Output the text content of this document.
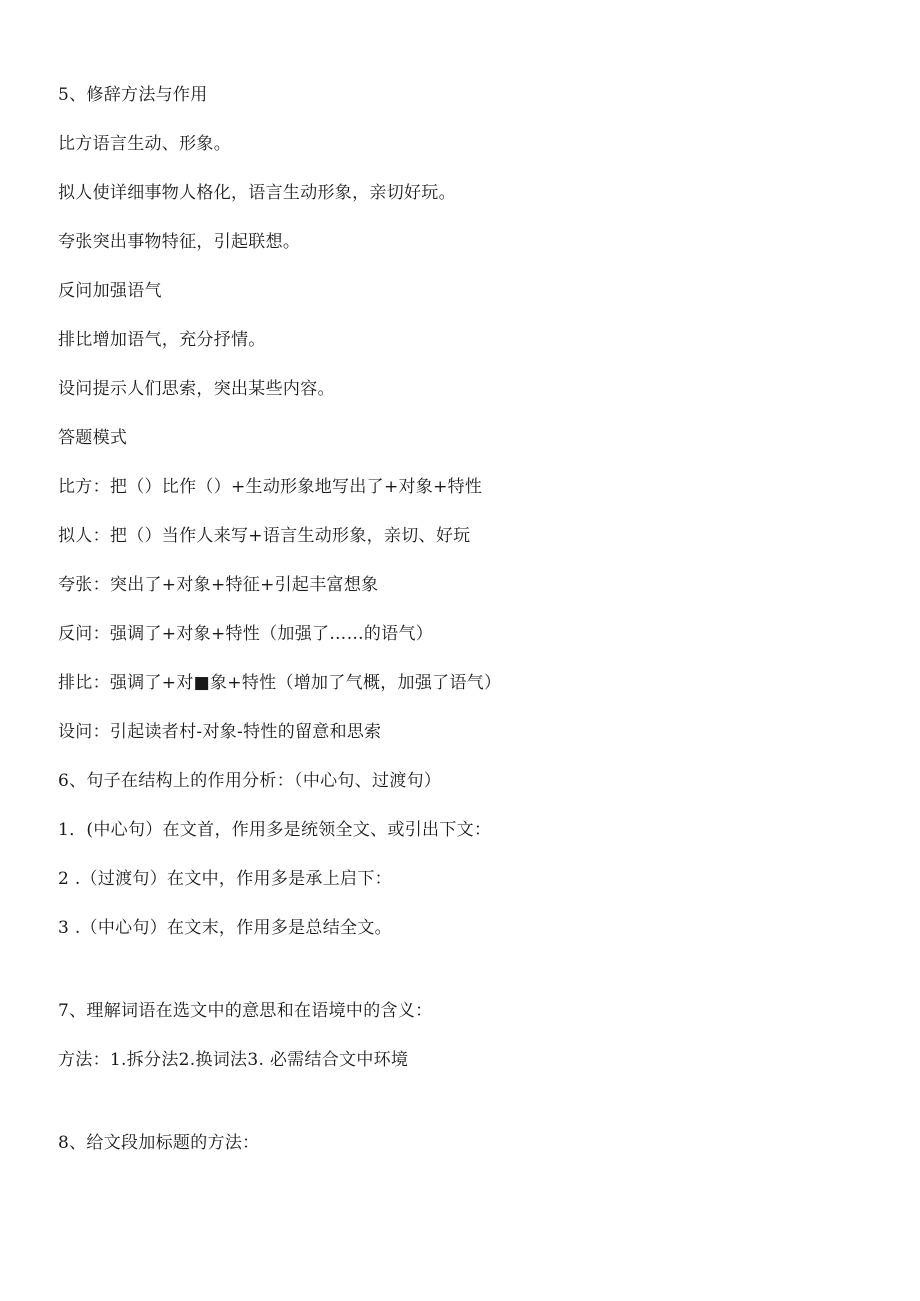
5、修辞方法与作用
比方语言生动、形象。
拟人使详细事物人格化，语言生动形象，亲切好玩。
夸张突出事物特征，引起联想。
反问加强语气
排比增加语气，充分抒情。
设问提示人们思索，突出某些内容。
答题模式
比方：把（）比作（）+生动形象地写出了+对象+特性
拟人：把（）当作人来写+语言生动形象，亲切、好玩
夸张：突出了+对象+特征+引起丰富想象
反问：强调了+对象+特性（加强了……的语气）
排比：强调了+对■象+特性（增加了气概，加强了语气）
设问：引起读者村-对象-特性的留意和思索
6、句子在结构上的作用分析：（中心句、过渡句）
1．(中心句）在文首，作用多是统领全文、或引出下文：
2 .（过渡句）在文中，作用多是承上启下：
3 .（中心句）在文末，作用多是总结全文。
7、理解词语在选文中的意思和在语境中的含义：
方法：1.拆分法2.换词法3. 必需结合文中环境
8、给文段加标题的方法：
